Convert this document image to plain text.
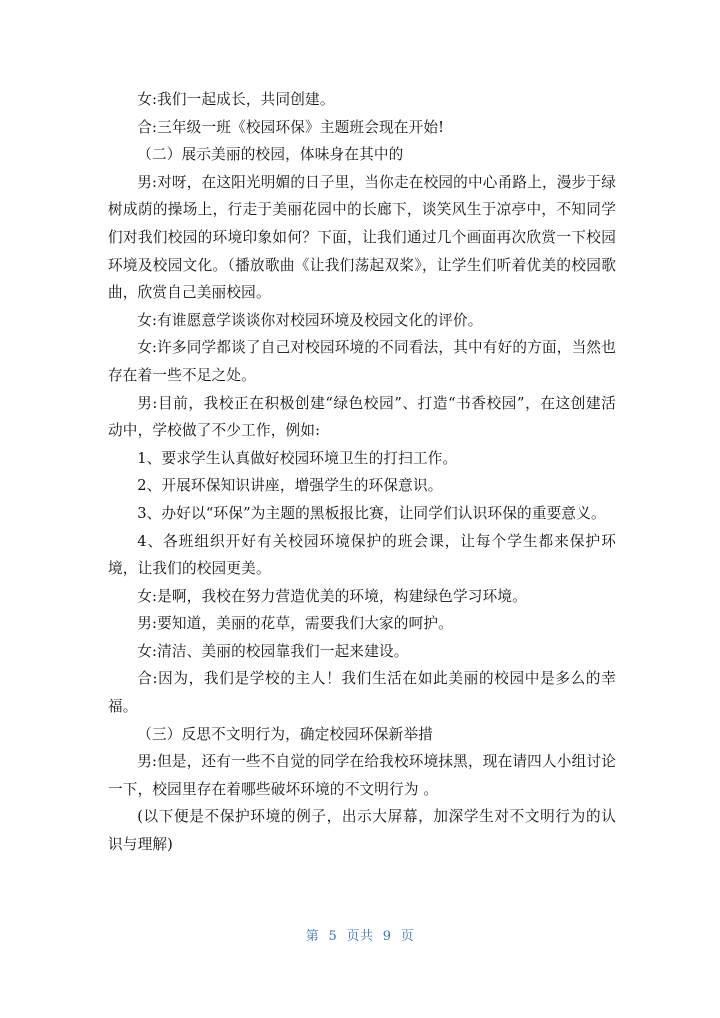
女:我们一起成长，共同创建。

合:三年级一班《校园环保》主题班会现在开始!

（二）展示美丽的校园，体味身在其中的

男:对呀，在这阳光明媚的日子里，当你走在校园的中心甬路上，漫步于绿树成荫的操场上，行走于美丽花园中的长廊下，谈笑风生于凉亭中，不知同学们对我们校园的环境印象如何？下面，让我们通过几个画面再次欣赏一下校园环境及校园文化。（播放歌曲《让我们荡起双桨》，让学生们听着优美的校园歌曲，欣赏自己美丽校园。

女:有谁愿意学谈谈你对校园环境及校园文化的评价。

女:许多同学都谈了自己对校园环境的不同看法，其中有好的方面，当然也存在着一些不足之处。

男:目前，我校正在积极创建“绿色校园”、打造“书香校园”，在这创建活动中，学校做了不少工作，例如:

1、要求学生认真做好校园环境卫生的打扫工作。

2、开展环保知识讲座，增强学生的环保意识。

3、办好以“环保”为主题的黑板报比赛，让同学们认识环保的重要意义。

4、各班组织开好有关校园环境保护的班会课，让每个学生都来保护环境，让我们的校园更美。

女:是啊，我校在努力营造优美的环境，构建绿色学习环境。

男:要知道，美丽的花草，需要我们大家的呵护。

女:清洁、美丽的校园靠我们一起来建设。

合:因为，我们是学校的主人！我们生活在如此美丽的校园中是多么的幸福。

（三）反思不文明行为，确定校园环保新举措

男:但是，还有一些不自觉的同学在给我校环境抹黑，现在请四人小组讨论一下，校园里存在着哪些破坏环境的不文明行为 。

(以下便是不保护环境的例子，出示大屏幕，加深学生对不文明行为的认识与理解)

第  5  页共  9  页
